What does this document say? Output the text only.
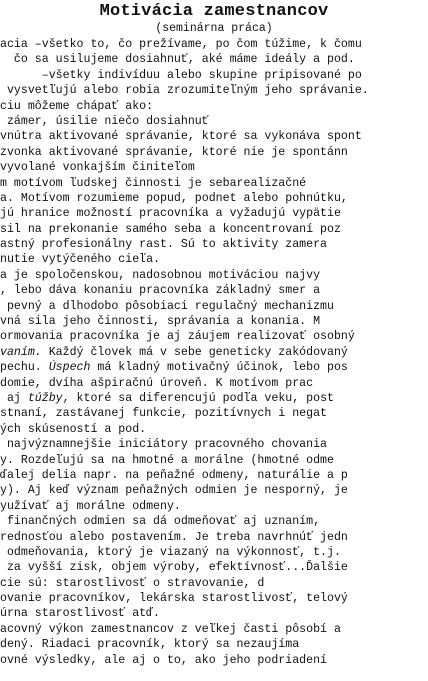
Motivácia zamestnancov
(seminárna práca)
acia –všetko to, čo prežívame, po čom túžime, k čomu
čo sa usilujeme dosiahnuť, aké máme ideály a pod.
–všetky indivíduu alebo skupine pripisované po
vysvetľujú alebo robia zrozumiteľným jeho správanie.
ciu môžeme chápať ako:
zámer, úsilie niečo dosiahnuť
vnútra aktivované správanie, ktoré sa vykonáva spont
zvonka aktivované správanie, ktoré nie je spontánn
vyvolané vonkajším činiteľom
m motívom ľudskej činnosti je sebarealizačné
a. Motívom rozumieme popud, podnet alebo pohnútku,
jú hranice možností pracovníka a vyžadujú vypätie
sil na prekonanie samého seba a koncentrovaní poz
astný profesionálny rast. Sú to aktivity zamera
nutie vytýčeného cieľa.
a je spoločenskou, nadosobnou motiváciou najvy
, lebo dáva konaniu pracovníka základný smer a
pevný a dlhodobo pôsobiaci regulačný mechanizmu
vná sila jeho činnosti, správania a konania. M
ormovania pracovníka je aj záujem realizovať osobný
vaním. Každý človek má v sebe geneticky zakódovaný
pechu. Úspech má kladný motivačný účinok, lebo pos
domie, dvíha ašpiračnú úroveň. K motívom prac
aj túžby, ktoré sa diferencujú podľa veku, post
stnaní, zastávanej funkcie, pozitívnych i negat
ých skúseností a pod.
najvýznamnejšie iniciátory pracovného chovania
y. Rozdeľujú sa na hmotné a morálne (hmotné odme
ďalej delia napr. na peňažné odmeny, naturálie a p
y). Aj keď význam peňažných odmien je nesporný, je
yužívať aj morálne odmeny.
finančných odmien sa dá odmeňovať aj uznaním,
rednosťou alebo postavením. Je treba navrhnúť jedn
odmeňovania, ktorý je viazaný na výkonnosť, t.j.
za vyšší zisk, objem výroby, efektívnosť...Ďalšie
cie sú: starostlivosť o stravovanie, d
ovanie pracovníkov, lekárska starostlivosť, telový
úrna starostlivosť atď.
acovný výkon zamestnancov z veľkej časti pôsobí a
dený. Riadaci pracovník, ktorý sa nezaujíma
ovné výsledky, ale aj o to, ako jeho podriadení
